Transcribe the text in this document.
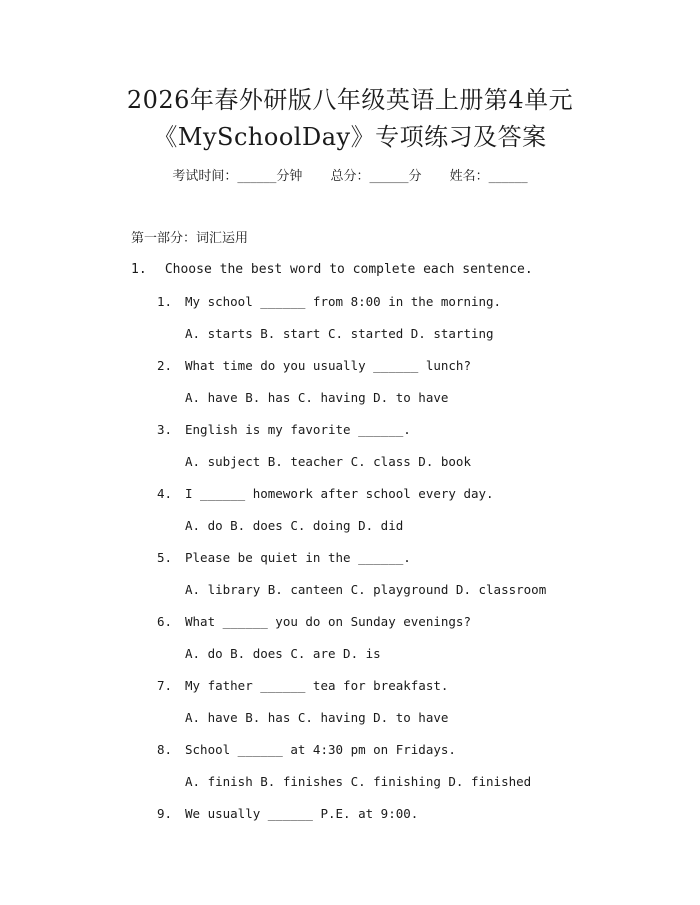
2026年春外研版八年级英语上册第4单元
《MySchoolDay》专项练习及答案
考试时间：______分钟 总分：______分 姓名：______
第一部分：词汇运用
1. Choose the best word to complete each sentence.
1. My school ______ from 8:00 in the morning.
A. starts B. start C. started D. starting
2. What time do you usually ______ lunch?
A. have B. has C. having D. to have
3. English is my favorite ______.
A. subject B. teacher C. class D. book
4. I ______ homework after school every day.
A. do B. does C. doing D. did
5. Please be quiet in the ______.
A. library B. canteen C. playground D. classroom
6. What ______ you do on Sunday evenings?
A. do B. does C. are D. is
7. My father ______ tea for breakfast.
A. have B. has C. having D. to have
8. School ______ at 4:30 pm on Fridays.
A. finish B. finishes C. finishing D. finished
9. We usually ______ P.E. at 9:00.
